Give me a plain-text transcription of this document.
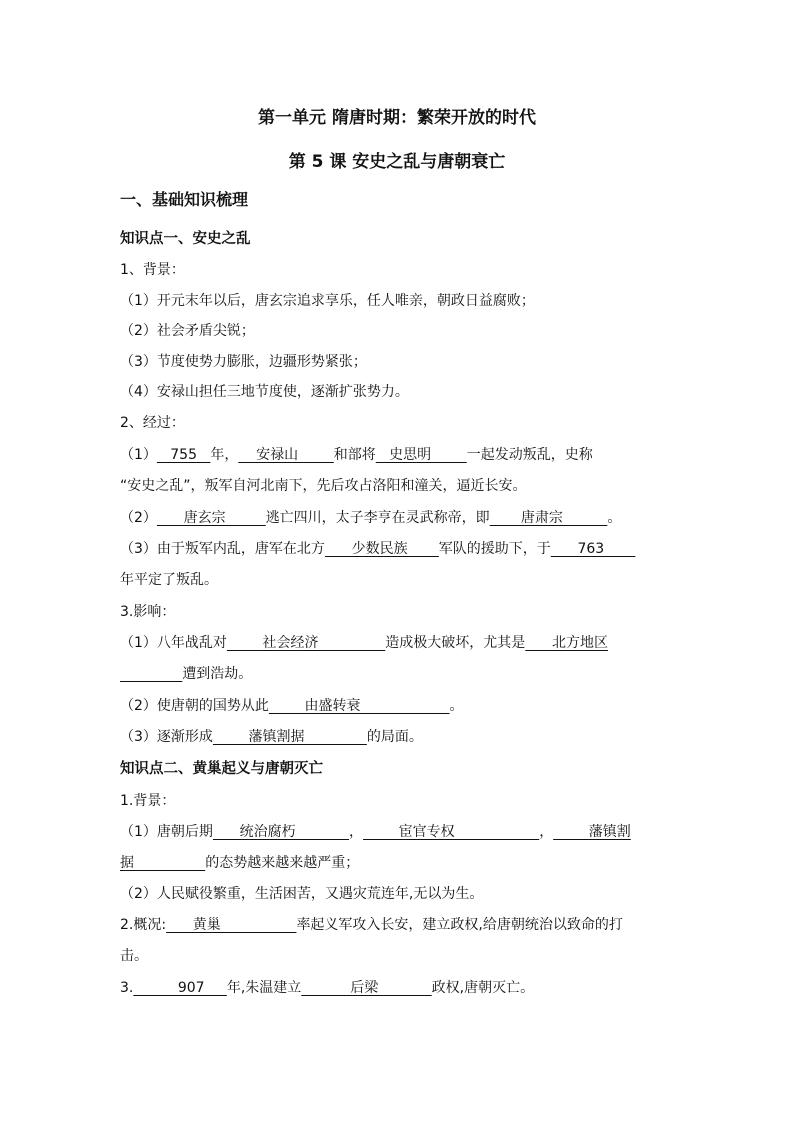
第一单元 隋唐时期：繁荣开放的时代
第 5 课 安史之乱与唐朝衰亡
一、基础知识梳理
知识点一、安史之乱
1、背景：
（1）开元末年以后，唐玄宗追求享乐，任人唯亲，朝政日益腐败；
（2）社会矛盾尖锐；
（3）节度使势力膨胀，边疆形势紧张；
（4）安禄山担任三地节度使，逐渐扩张势力。
2、经过：
（1）   755   年，    安禄山        和部将   史思明        一起发动叛乱，史称
“安史之乱”，叛军自河北南下，先后攻占洛阳和潼关，逼近长安。
（2）      唐玄宗         逃亡四川，太子李亨在灵武称帝，即       唐肃宗          。
（3）由于叛军内乱，唐军在北方      少数民族       军队的援助下，于      763
年平定了叛乱。
3.影响：
（1）八年战乱对        社会经济               造成极大破坏，尤其是      北方地区
遭到浩劫。
（2）使唐朝的国势从此        由盛转衰                    。
（3）逐渐形成        藩镇割据              的局面。
知识点二、黄巢起义与唐朝灭亡
1.背景：
（1）唐朝后期      统治腐朽            ，        宦官专权                   ，        藩镇割
据                的态势越来越来越严重；
（2）人民赋役繁重，生活困苦，又遇灾荒连年,无以为生。
2.概况:      黄巢                 率起义军攻入长安，建立政权,给唐朝统治以致命的打
击。
3.          907     年,朱温建立           后梁            政权,唐朝灭亡。
